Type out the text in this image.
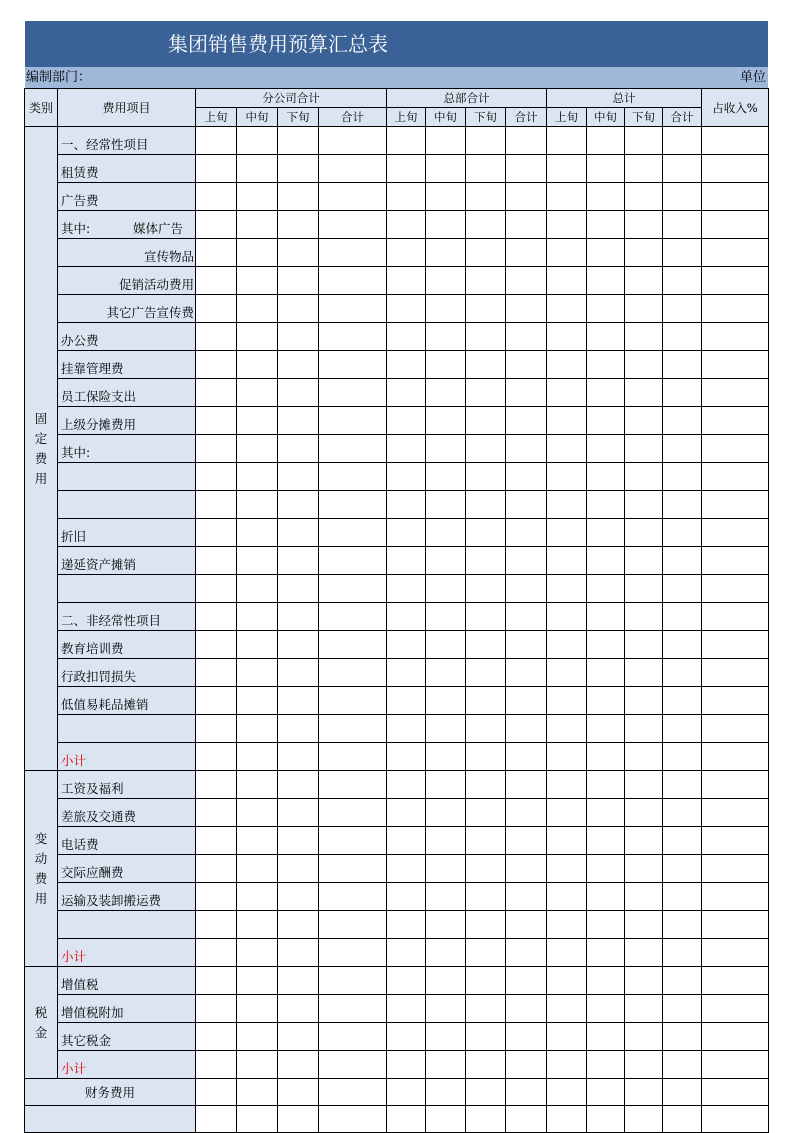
集团销售费用预算汇总表
编制部门：	单位
类别	费用项目	分公司合计				总部合计				总计				占收入%
		上旬	中旬	下旬	合计	上旬	中旬	下旬	合计	上旬	中旬	下旬	合计	

固
定
费
用	一、经常性项目													
	租赁费													
	广告费													
	其中: 媒体广告													
	宣传物品													
	促销活动费用													
	其它广告宣传费													
	办公费													
	挂靠管理费													
	员工保险支出													
	上级分摊费用													
	其中:													

	折旧													
	递延资产摊销													

	二、非经常性项目													
	教育培训费													
	行政扣罚损失													
	低值易耗品摊销													

	小计													

变
动
费
用	工资及福利													
	差旅及交通费													
	电话费													
	交际应酬费													
	运输及装卸搬运费													

	小计													

税
金	增值税													
	增值税附加													
	其它税金													
	小计													
财务费用														
